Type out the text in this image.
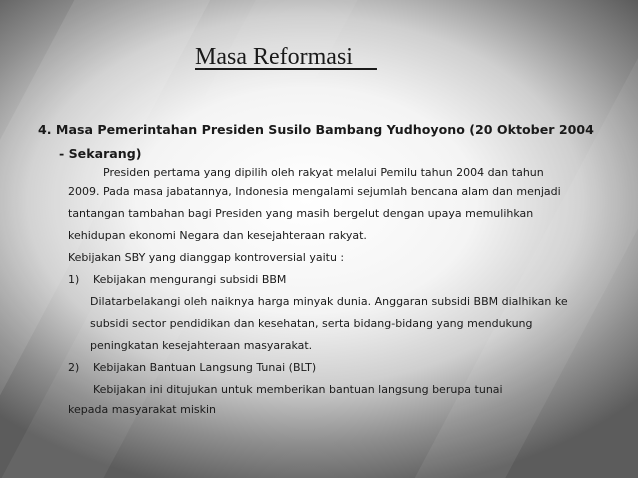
Masa Reformasi
4. Masa Pemerintahan Presiden Susilo Bambang Yudhoyono (20 Oktober 2004
- Sekarang)
Presiden pertama yang dipilih oleh rakyat melalui Pemilu tahun 2004 dan tahun
2009. Pada masa jabatannya, Indonesia mengalami sejumlah bencana alam dan menjadi
tantangan tambahan bagi Presiden yang masih bergelut dengan upaya memulihkan
kehidupan ekonomi Negara dan kesejahteraan rakyat.
Kebijakan SBY yang dianggap kontroversial yaitu :
1) Kebijakan mengurangi subsidi BBM
Dilatarbelakangi oleh naiknya harga minyak dunia. Anggaran subsidi BBM dialhikan ke
subsidi sector pendidikan dan kesehatan, serta bidang-bidang yang mendukung
peningkatan kesejahteraan masyarakat.
2) Kebijakan Bantuan Langsung Tunai (BLT)
Kebijakan ini ditujukan untuk memberikan bantuan langsung berupa tunai
kepada masyarakat miskin
